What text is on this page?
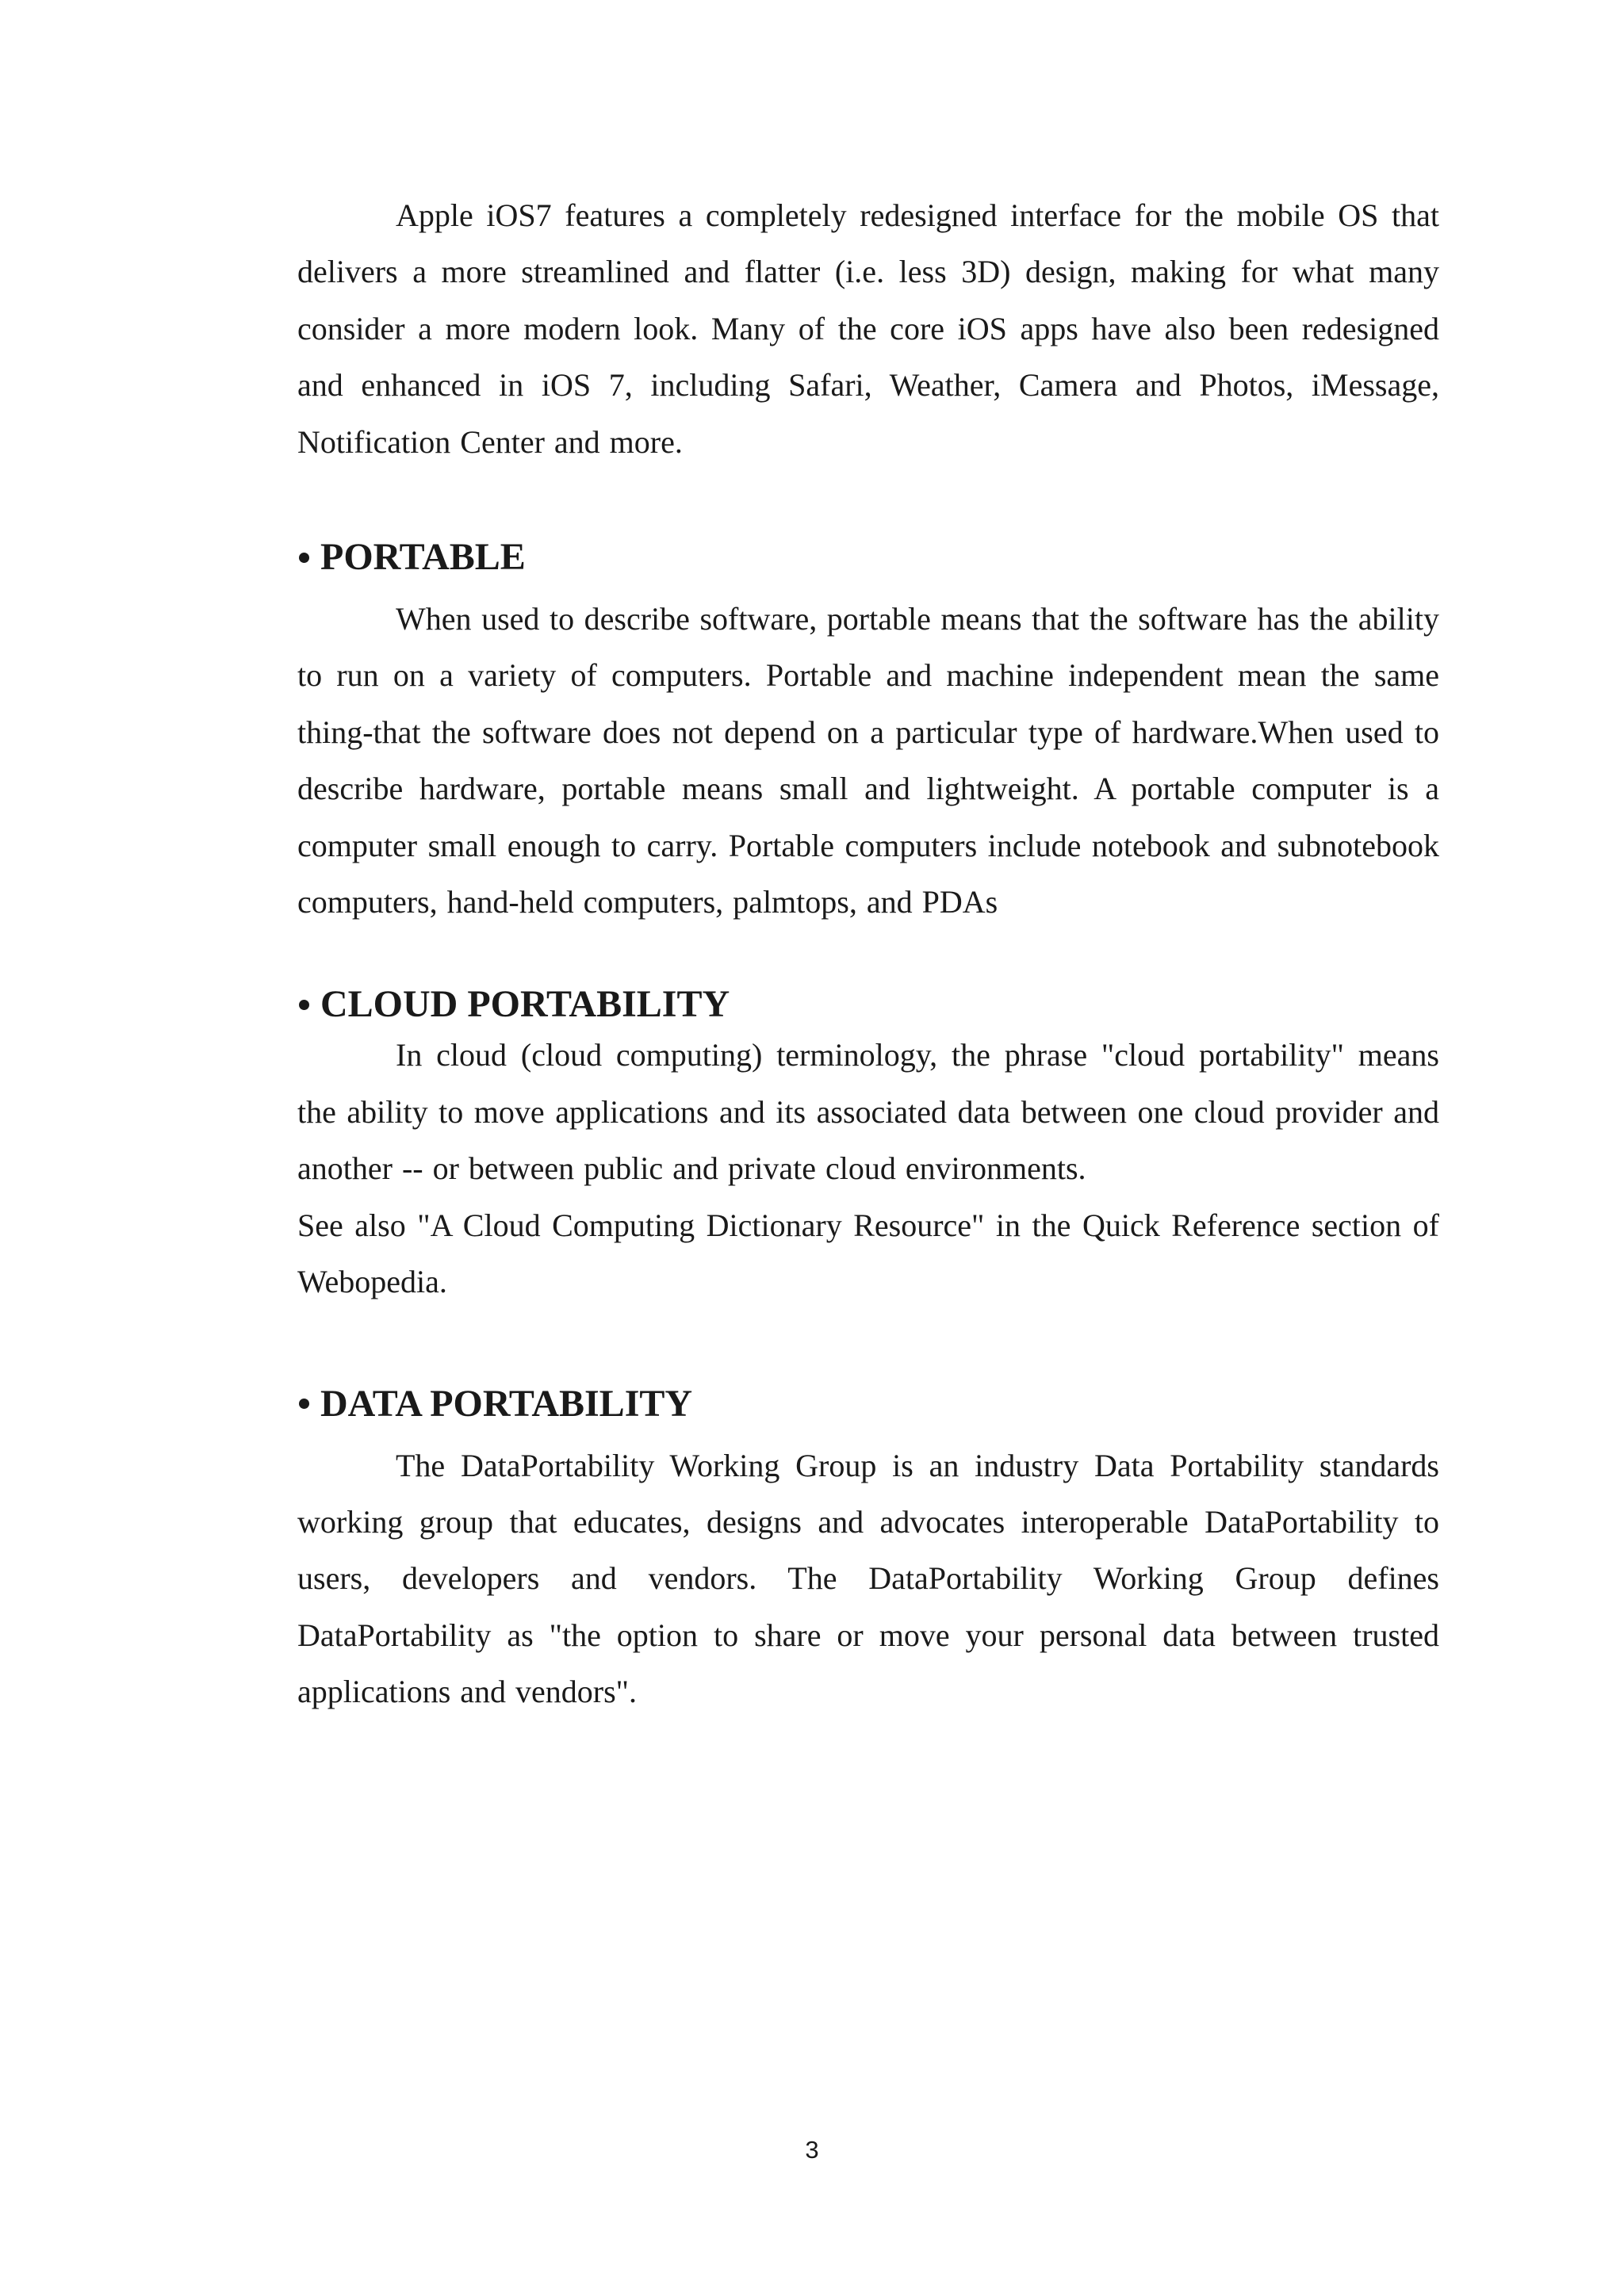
Apple iOS7 features a completely redesigned interface for the mobile OS that delivers a more streamlined and flatter (i.e. less 3D) design, making for what many consider a more modern look. Many of the core iOS apps have also been redesigned and enhanced in iOS 7, including Safari, Weather, Camera and Photos, iMessage, Notification Center and more.

PORTABLE

When used to describe software, portable means that the software has the ability to run on a variety of computers. Portable and machine independent mean the same thing-that the software does not depend on a particular type of hardware.When used to describe hardware, portable means small and lightweight. A portable computer is a computer small enough to carry. Portable computers include notebook and subnotebook computers, hand-held computers, palmtops, and PDAs

CLOUD PORTABILITY

In cloud (cloud computing) terminology, the phrase "cloud portability" means the ability to move applications and its associated data between one cloud provider and another -- or between public and private cloud environments.

See also "A Cloud Computing Dictionary Resource" in the Quick Reference section of Webopedia.

DATA PORTABILITY

The DataPortability Working Group is an industry Data Portability standards working group that educates, designs and advocates interoperable DataPortability to users, developers and vendors. The DataPortability Working Group defines DataPortability as "the option to share or move your personal data between trusted applications and vendors".

3
